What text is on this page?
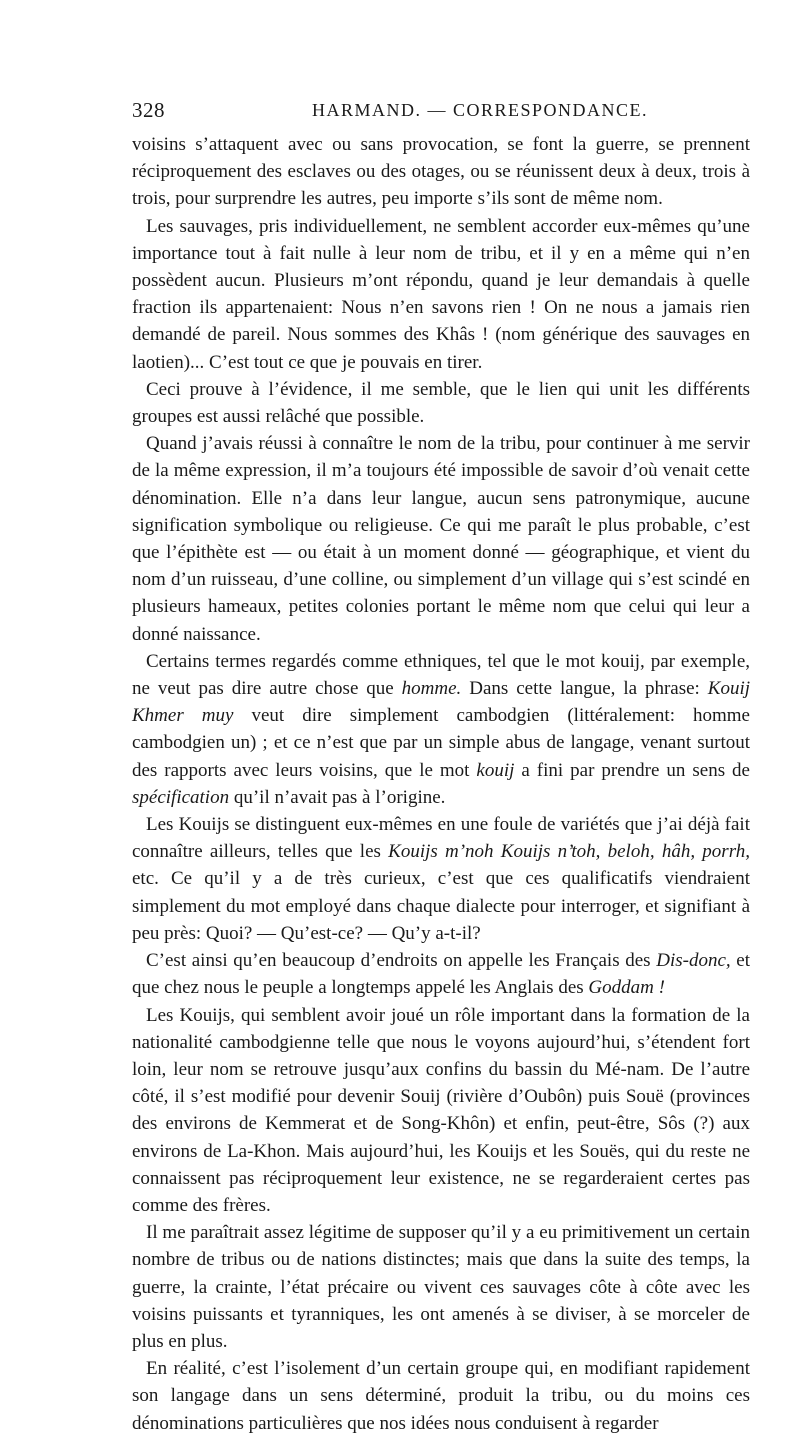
328	HARMAND. — CORRESPONDANCE.

voisins s’attaquent avec ou sans provocation, se font la guerre, se prennent réciproquement des esclaves ou des otages, ou se réunissent deux à deux, trois à trois, pour surprendre les autres, peu importe s’ils sont de même nom.

Les sauvages, pris individuellement, ne semblent accorder eux-mêmes qu’une importance tout à fait nulle à leur nom de tribu, et il y en a même qui n’en possèdent aucun. Plusieurs m’ont répondu, quand je leur demandais à quelle fraction ils appartenaient: Nous n’en savons rien ! On ne nous a jamais rien demandé de pareil. Nous sommes des Khâs ! (nom générique des sauvages en laotien)... C’est tout ce que je pouvais en tirer.

Ceci prouve à l’évidence, il me semble, que le lien qui unit les différents groupes est aussi relâché que possible.

Quand j’avais réussi à connaître le nom de la tribu, pour continuer à me servir de la même expression, il m’a toujours été impossible de savoir d’où venait cette dénomination. Elle n’a dans leur langue, aucun sens patronymique, aucune signification symbolique ou religieuse. Ce qui me paraît le plus probable, c’est que l’épithète est — ou était à un moment donné — géographique, et vient du nom d’un ruisseau, d’une colline, ou simplement d’un village qui s’est scindé en plusieurs hameaux, petites colonies portant le même nom que celui qui leur a donné naissance.

Certains termes regardés comme ethniques, tel que le mot kouij, par exemple, ne veut pas dire autre chose que homme. Dans cette langue, la phrase: Kouij Khmer muy veut dire simplement cambodgien (littéralement: homme cambodgien un) ; et ce n’est que par un simple abus de langage, venant surtout des rapports avec leurs voisins, que le mot kouij a fini par prendre un sens de spécification qu’il n’avait pas à l’origine.

Les Kouijs se distinguent eux-mêmes en une foule de variétés que j’ai déjà fait connaître ailleurs, telles que les Kouijs m’noh Kouijs n’toh, beloh, hâh, porrh, etc. Ce qu’il y a de très curieux, c’est que ces qualificatifs viendraient simplement du mot employé dans chaque dialecte pour interroger, et signifiant à peu près: Quoi? — Qu’est-ce? — Qu’y a-t-il?

C’est ainsi qu’en beaucoup d’endroits on appelle les Français des Dis-donc, et que chez nous le peuple a longtemps appelé les Anglais des Goddam !

Les Kouijs, qui semblent avoir joué un rôle important dans la formation de la nationalité cambodgienne telle que nous le voyons aujourd’hui, s’étendent fort loin, leur nom se retrouve jusqu’aux confins du bassin du Mé-nam. De l’autre côté, il s’est modifié pour devenir Souij (rivière d’Oubôn) puis Souë (provinces des environs de Kemmerat et de Song-Khôn) et enfin, peut-être, Sôs (?) aux environs de La-Khon. Mais aujourd’hui, les Kouijs et les Souës, qui du reste ne connaissent pas réciproquement leur existence, ne se regarderaient certes pas comme des frères.

Il me paraîtrait assez légitime de supposer qu’il y a eu primitivement un certain nombre de tribus ou de nations distinctes; mais que dans la suite des temps, la guerre, la crainte, l’état précaire ou vivent ces sauvages côte à côte avec les voisins puissants et tyranniques, les ont amenés à se diviser, à se morceler de plus en plus.

En réalité, c’est l’isolement d’un certain groupe qui, en modifiant rapidement son langage dans un sens déterminé, produit la tribu, ou du moins ces dénominations particulières que nos idées nous conduisent à regarder
